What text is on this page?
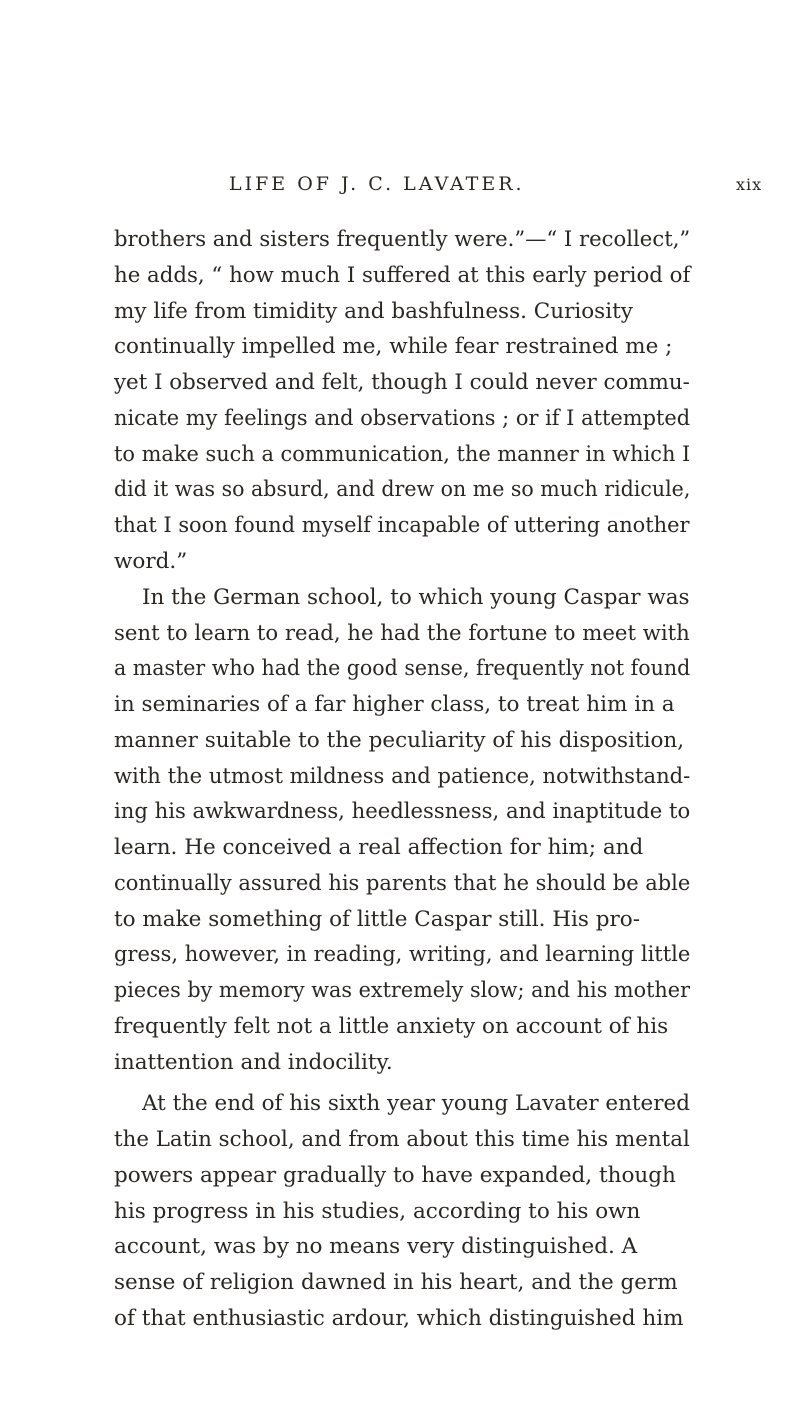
LIFE OF J. C. LAVATER.	xix
brothers and sisters frequently were.”—“ I recollect,”
he adds, “ how much I suffered at this early period of
my life from timidity and bashfulness. Curiosity
continually impelled me, while fear restrained me ;
yet I observed and felt, though I could never commu-
nicate my feelings and observations ; or if I attempted
to make such a communication, the manner in which I
did it was so absurd, and drew on me so much ridicule,
that I soon found myself incapable of uttering another
word.”
In the German school, to which young Caspar was
sent to learn to read, he had the fortune to meet with
a master who had the good sense, frequently not found
in seminaries of a far higher class, to treat him in a
manner suitable to the peculiarity of his disposition,
with the utmost mildness and patience, notwithstand-
ing his awkwardness, heedlessness, and inaptitude to
learn. He conceived a real affection for him; and
continually assured his parents that he should be able
to make something of little Caspar still. His pro-
gress, however, in reading, writing, and learning little
pieces by memory was extremely slow; and his mother
frequently felt not a little anxiety on account of his
inattention and indocility.
At the end of his sixth year young Lavater entered
the Latin school, and from about this time his mental
powers appear gradually to have expanded, though
his progress in his studies, according to his own
account, was by no means very distinguished. A
sense of religion dawned in his heart, and the germ
of that enthusiastic ardour, which distinguished him
